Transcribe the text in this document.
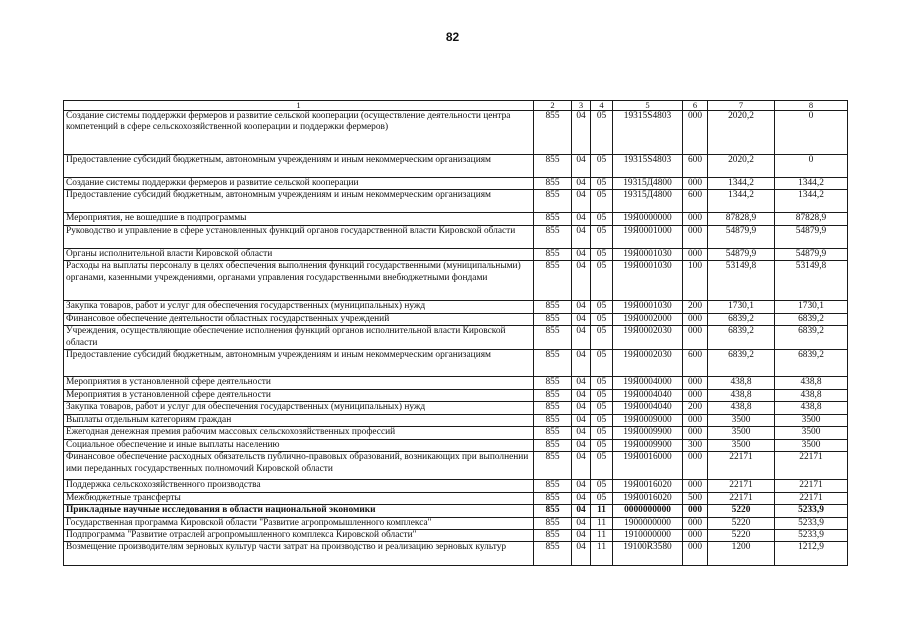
82
1	2	3	4	5	6	7	8
Создание системы поддержки фермеров и развитие сельской кооперации (осуществление деятельности центра компетенций в сфере сельскохозяйственной кооперации и поддержки фермеров)	855	04	05	19315S4803	000	2020,2	0
Предоставление субсидий бюджетным, автономным учреждениям и иным некоммерческим организациям	855	04	05	19315S4803	600	2020,2	0
Создание системы поддержки фермеров и развитие сельской кооперации	855	04	05	19315Д4800	000	1344,2	1344,2
Предоставление субсидий бюджетным, автономным учреждениям и иным некоммерческим организациям	855	04	05	19315Д4800	600	1344,2	1344,2
Мероприятия, не вошедшие в подпрограммы	855	04	05	19Я0000000	000	87828,9	87828,9
Руководство и управление в сфере установленных функций органов государственной власти Кировской области	855	04	05	19Я0001000	000	54879,9	54879,9
Органы исполнительной власти Кировской области	855	04	05	19Я0001030	000	54879,9	54879,9
Расходы на выплаты персоналу в целях обеспечения выполнения функций государственными (муниципальными) органами, казенными учреждениями, органами управления государственными внебюджетными фондами	855	04	05	19Я0001030	100	53149,8	53149,8
Закупка товаров, работ и услуг для обеспечения государственных (муниципальных) нужд	855	04	05	19Я0001030	200	1730,1	1730,1
Финансовое обеспечение деятельности областных государственных учреждений	855	04	05	19Я0002000	000	6839,2	6839,2
Учреждения, осуществляющие обеспечение исполнения функций органов исполнительной власти Кировской области	855	04	05	19Я0002030	000	6839,2	6839,2
Предоставление субсидий бюджетным, автономным учреждениям и иным некоммерческим организациям	855	04	05	19Я0002030	600	6839,2	6839,2
Мероприятия в установленной сфере деятельности	855	04	05	19Я0004000	000	438,8	438,8
Мероприятия в установленной сфере деятельности	855	04	05	19Я0004040	000	438,8	438,8
Закупка товаров, работ и услуг для обеспечения государственных (муниципальных) нужд	855	04	05	19Я0004040	200	438,8	438,8
Выплаты отдельным категориям граждан	855	04	05	19Я0009000	000	3500	3500
Ежегодная денежная премия рабочим массовых сельскохозяйственных профессий	855	04	05	19Я0009900	000	3500	3500
Социальное обеспечение и иные выплаты населению	855	04	05	19Я0009900	300	3500	3500
Финансовое обеспечение расходных обязательств публично-правовых образований, возникающих при выполнении ими переданных государственных полномочий Кировской области	855	04	05	19Я0016000	000	22171	22171
Поддержка сельскохозяйственного производства	855	04	05	19Я0016020	000	22171	22171
Межбюджетные трансферты	855	04	05	19Я0016020	500	22171	22171
Прикладные научные исследования в области национальной экономики	855	04	11	0000000000	000	5220	5233,9
Государственная программа Кировской области "Развитие агропромышленного комплекса"	855	04	11	1900000000	000	5220	5233,9
Подпрограмма "Развитие отраслей агропромышленного комплекса Кировской области"	855	04	11	1910000000	000	5220	5233,9
Возмещение производителям зерновых культур части затрат на производство и реализацию зерновых культур	855	04	11	19100R3580	000	1200	1212,9
